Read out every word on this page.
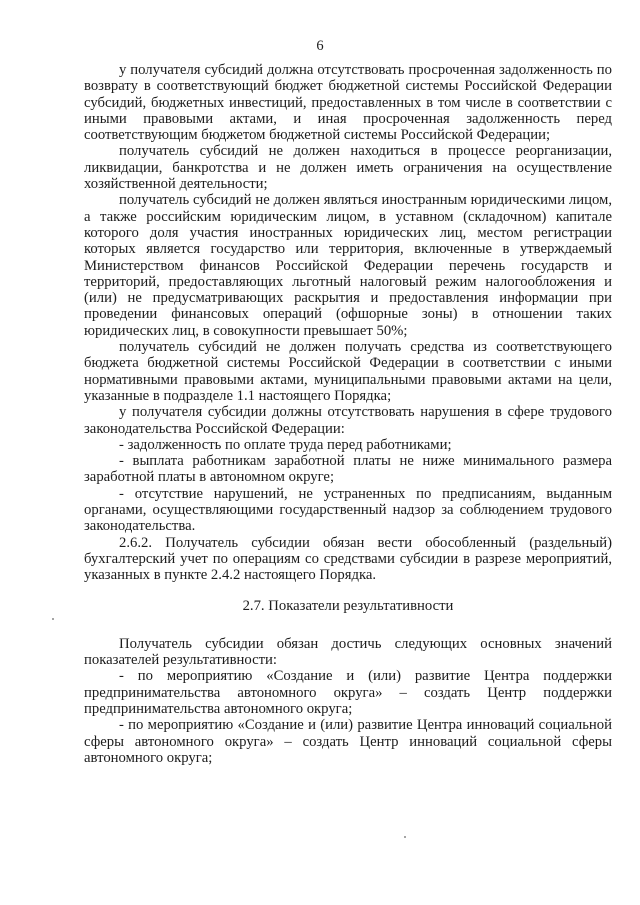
6

у получателя субсидий должна отсутствовать просроченная задолженность по возврату в соответствующий бюджет бюджетной системы Российской Федерации субсидий, бюджетных инвестиций, предоставленных в том числе в соответствии с иными правовыми актами, и иная просроченная задолженность перед соответствующим бюджетом бюджетной системы Российской Федерации;

получатель субсидий не должен находиться в процессе реорганизации, ликвидации, банкротства и не должен иметь ограничения на осуществление хозяйственной деятельности;

получатель субсидий не должен являться иностранным юридическими лицом, а также российским юридическим лицом, в уставном (складочном) капитале которого доля участия иностранных юридических лиц, местом регистрации которых является государство или территория, включенные в утверждаемый Министерством финансов Российской Федерации перечень государств и территорий, предоставляющих льготный налоговый режим налогообложения и (или) не предусматривающих раскрытия и предоставления информации при проведении финансовых операций (офшорные зоны) в отношении таких юридических лиц, в совокупности превышает 50%;

получатель субсидий не должен получать средства из соответствующего бюджета бюджетной системы Российской Федерации в соответствии с иными нормативными правовыми актами, муниципальными правовыми актами на цели, указанные в подразделе 1.1 настоящего Порядка;

у получателя субсидии должны отсутствовать нарушения в сфере трудового законодательства Российской Федерации:

- задолженность по оплате труда перед работниками;

- выплата работникам заработной платы не ниже минимального размера заработной платы в автономном округе;

- отсутствие нарушений, не устраненных по предписаниям, выданным органами, осуществляющими государственный надзор за соблюдением трудового законодательства.

2.6.2. Получатель субсидии обязан вести обособленный (раздельный) бухгалтерский учет по операциям со средствами субсидии в разрезе мероприятий, указанных в пункте 2.4.2 настоящего Порядка.

2.7. Показатели результативности

Получатель субсидии обязан достичь следующих основных значений показателей результативности:

- по мероприятию «Создание и (или) развитие Центра поддержки предпринимательства автономного округа» – создать Центр поддержки предпринимательства автономного округа;

- по мероприятию «Создание и (или) развитие Центра инноваций социальной сферы автономного округа» – создать Центр инноваций социальной сферы автономного округа;
